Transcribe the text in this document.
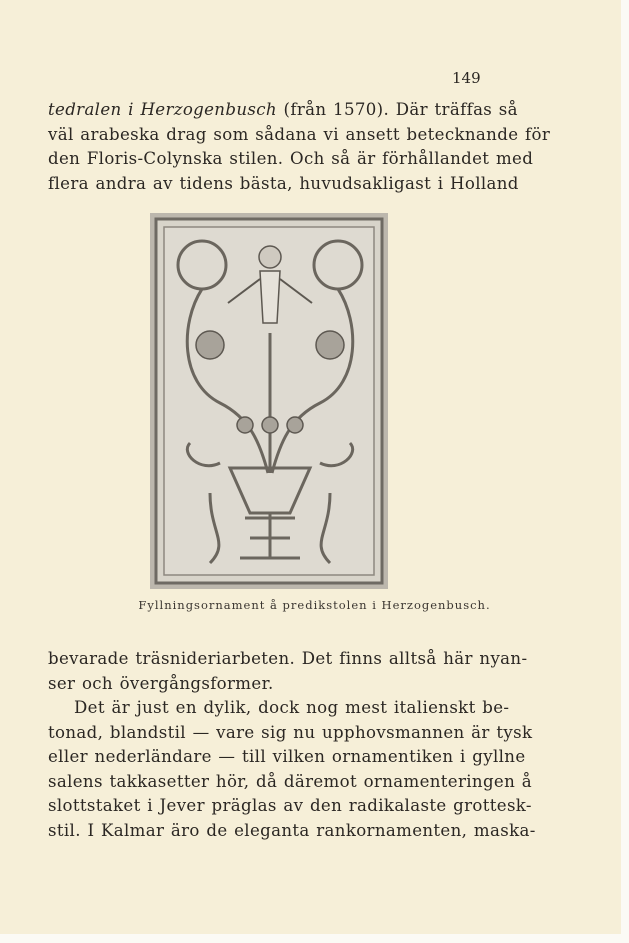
149
tedralen i Herzogenbusch (från 1570). Där träffas så
väl arabeska drag som sådana vi ansett betecknande för
den Floris-Colynska stilen. Och så är förhållandet med
flera andra av tidens bästa, huvudsakligast i Holland
Fyllningsornament å predikstolen i Herzogenbusch.
bevarade träsnideriarbeten. Det finns alltså här nyan-
ser och övergångsformer.
Det är just en dylik, dock nog mest italienskt be-
tonad, blandstil — vare sig nu upphovsmannen är tysk
eller nederländare — till vilken ornamentiken i gyllne
salens takkasetter hör, då däremot ornamenteringen å
slottstaket i Jever präglas av den radikalaste grottesk-
stil. I Kalmar äro de eleganta rankornamenten, maska-
